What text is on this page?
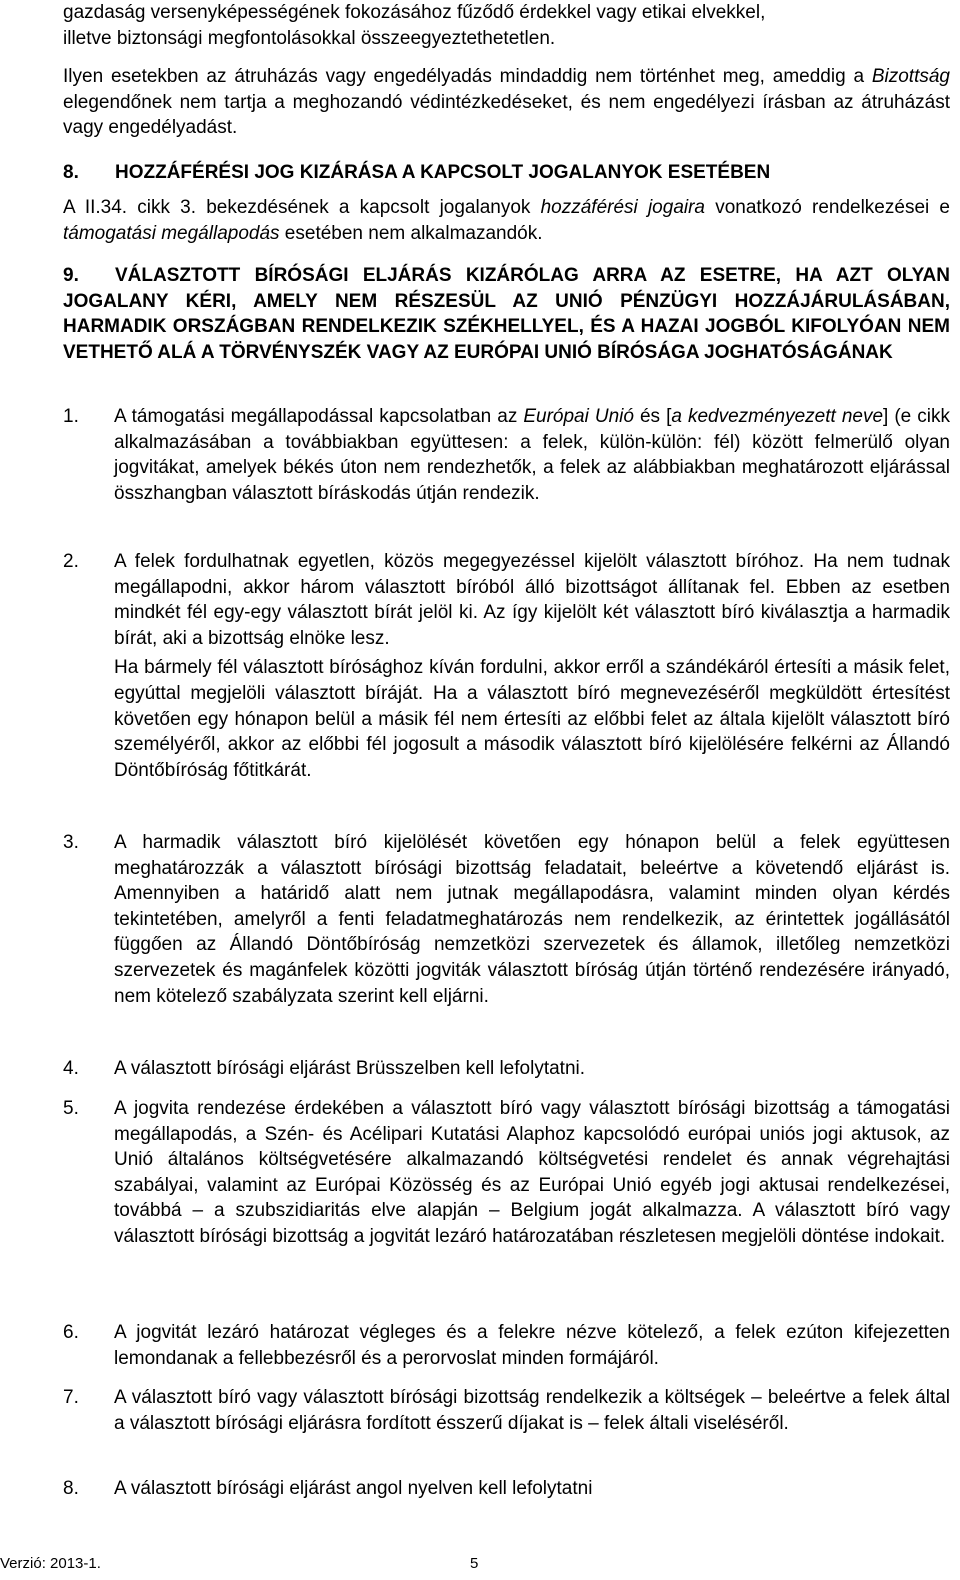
gazdaság versenyképességének fokozásához fűződő érdekkel vagy etikai elvekkel,

illetve biztonsági megfontolásokkal összeegyeztethetetlen.

Ilyen esetekben az átruházás vagy engedélyadás mindaddig nem történhet meg, ameddig a Bizottság elegendőnek nem tartja a meghozandó védintézkedéseket, és nem engedélyezi írásban az átruházást vagy engedélyadást.

8. HOZZÁFÉRÉSI JOG KIZÁRÁSA A KAPCSOLT JOGALANYOK ESETÉBEN

A II.34. cikk 3. bekezdésének a kapcsolt jogalanyok hozzáférési jogaira vonatkozó rendelkezései e támogatási megállapodás esetében nem alkalmazandók.

9.	VÁLASZTOTT BÍRÓSÁGI ELJÁRÁS KIZÁRÓLAG ARRA AZ ESETRE, HA AZT OLYAN JOGALANY KÉRI, AMELY NEM RÉSZESÜL AZ UNIÓ PÉNZÜGYI HOZZÁJÁRULÁSÁBAN, HARMADIK ORSZÁGBAN RENDELKEZIK SZÉKHELLYEL, ÉS A HAZAI JOGBÓL KIFOLYÓAN NEM VETHETŐ ALÁ A TÖRVÉNYSZÉK VAGY AZ EURÓPAI UNIÓ BÍRÓSÁGA JOGHATÓSÁGÁNAK

1. A támogatási megállapodással kapcsolatban az Európai Unió és [a kedvezményezett neve] (e cikk alkalmazásában a továbbiakban együttesen: a felek, külön-külön: fél) között felmerülő olyan jogvitákat, amelyek békés úton nem rendezhetők, a felek az alábbiakban meghatározott eljárással összhangban választott bíráskodás útján rendezik.

2. A felek fordulhatnak egyetlen, közös megegyezéssel kijelölt választott bíróhoz. Ha nem tudnak megállapodni, akkor három választott bíróból álló bizottságot állítanak fel. Ebben az esetben mindkét fél egy-egy választott bírát jelöl ki. Az így kijelölt két választott bíró kiválasztja a harmadik bírát, aki a bizottság elnöke lesz.

Ha bármely fél választott bírósághoz kíván fordulni, akkor erről a szándékáról értesíti a másik felet, egyúttal megjelöli választott bíráját. Ha a választott bíró megnevezéséről megküldött értesítést követően egy hónapon belül a másik fél nem értesíti az előbbi felet az általa kijelölt választott bíró személyéről, akkor az előbbi fél jogosult a második választott bíró kijelölésére felkérni az Állandó Döntőbíróság főtitkárát.

3. A harmadik választott bíró kijelölését követően egy hónapon belül a felek együttesen meghatározzák a választott bírósági bizottság feladatait, beleértve a követendő eljárást is. Amennyiben a határidő alatt nem jutnak megállapodásra, valamint minden olyan kérdés tekintetében, amelyről a fenti feladatmeghatározás nem rendelkezik, az érintettek jogállásától függően az Állandó Döntőbíróság nemzetközi szervezetek és államok, illetőleg nemzetközi szervezetek és magánfelek közötti jogviták választott bíróság útján történő rendezésére irányadó, nem kötelező szabályzata szerint kell eljárni.

4. A választott bírósági eljárást Brüsszelben kell lefolytatni.

5. A jogvita rendezése érdekében a választott bíró vagy választott bírósági bizottság a támogatási megállapodás, a Szén- és Acélipari Kutatási Alaphoz kapcsolódó európai uniós jogi aktusok, az Unió általános költségvetésére alkalmazandó költségvetési rendelet és annak végrehajtási szabályai, valamint az Európai Közösség és az Európai Unió egyéb jogi aktusai rendelkezései, továbbá – a szubszidiaritás elve alapján – Belgium jogát alkalmazza. A választott bíró vagy választott bírósági bizottság a jogvitát lezáró határozatában részletesen megjelöli döntése indokait.

6. A jogvitát lezáró határozat végleges és a felekre nézve kötelező, a felek ezúton kifejezetten lemondanak a fellebbezésről és a perorvoslat minden formájáról.

7. A választott bíró vagy választott bírósági bizottság rendelkezik a költségek – beleértve a felek által a választott bírósági eljárásra fordított ésszerű díjakat is – felek általi viseléséről.

8. A választott bírósági eljárást angol nyelven kell lefolytatni

Verzió: 2013-1.	5
